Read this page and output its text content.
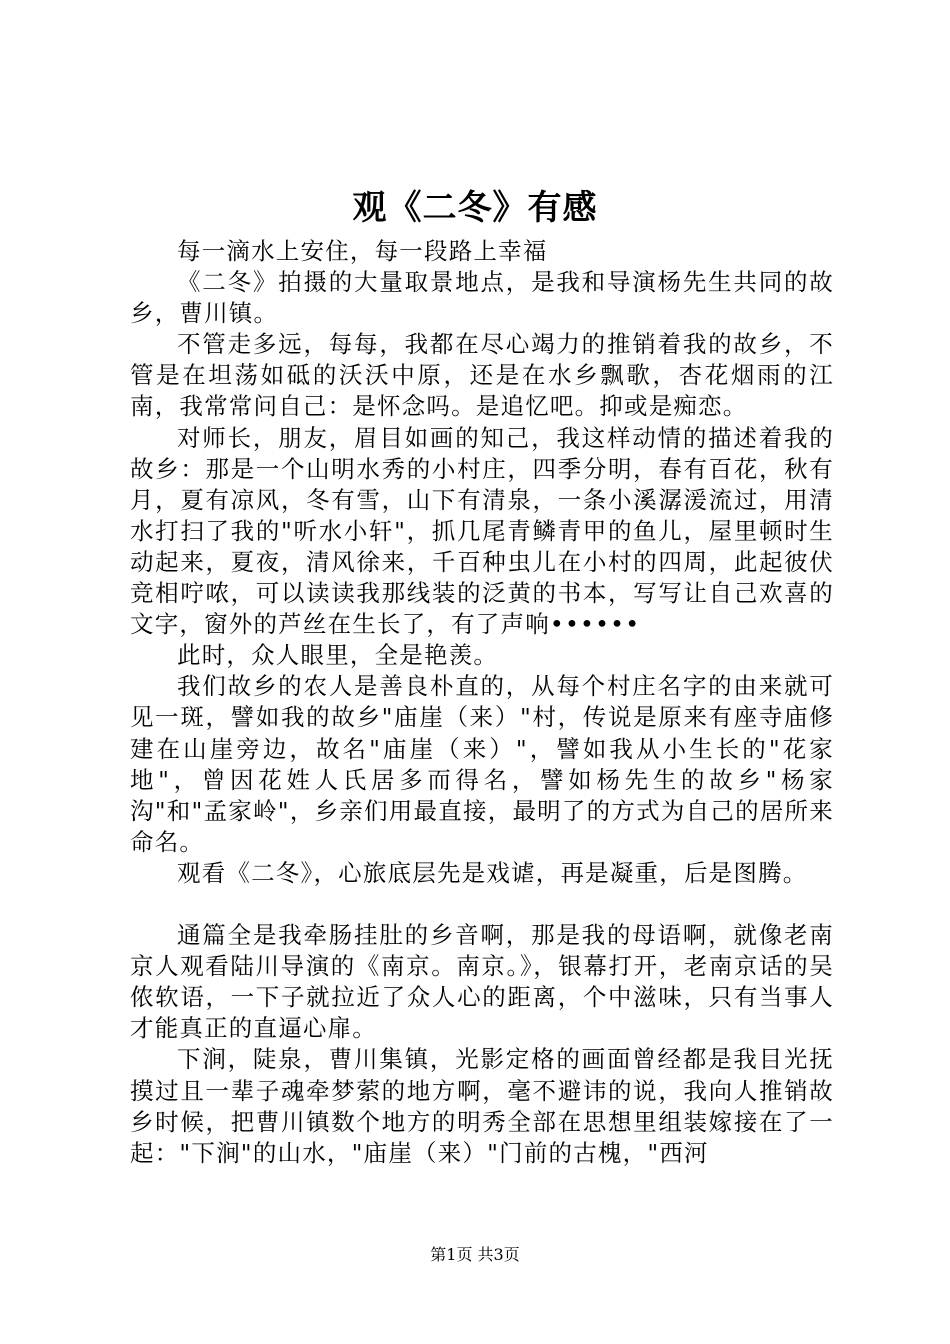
观《二冬》有感

每一滴水上安住，每一段路上幸福

《二冬》拍摄的大量取景地点，是我和导演杨先生共同的故乡，曹川镇。

不管走多远，每每，我都在尽心竭力的推销着我的故乡，不管是在坦荡如砥的沃沃中原，还是在水乡飘歌，杏花烟雨的江南，我常常问自己：是怀念吗。是追忆吧。抑或是痴恋。

对师长，朋友，眉目如画的知己，我这样动情的描述着我的故乡：那是一个山明水秀的小村庄，四季分明，春有百花，秋有月，夏有凉风，冬有雪，山下有清泉，一条小溪潺湲流过，用清水打扫了我的"听水小轩"，抓几尾青鳞青甲的鱼儿，屋里顿时生动起来，夏夜，清风徐来，千百种虫儿在小村的四周，此起彼伏竞相咛哝，可以读读我那线装的泛黄的书本，写写让自己欢喜的文字，窗外的芦丝在生长了，有了声响••••••

此时，众人眼里，全是艳羡。

我们故乡的农人是善良朴直的，从每个村庄名字的由来就可见一斑，譬如我的故乡"庙崖（来）"村，传说是原来有座寺庙修建在山崖旁边，故名"庙崖（来）"，譬如我从小生长的"花家地"，曾因花姓人氏居多而得名，譬如杨先生的故乡"杨家沟"和"孟家岭"，乡亲们用最直接，最明了的方式为自己的居所来命名。

观看《二冬》，心旅底层先是戏谑，再是凝重，后是图腾。

通篇全是我牵肠挂肚的乡音啊，那是我的母语啊，就像老南京人观看陆川导演的《南京。南京。》，银幕打开，老南京话的吴侬软语，一下子就拉近了众人心的距离，个中滋味，只有当事人才能真正的直逼心扉。

下涧，陡泉，曹川集镇，光影定格的画面曾经都是我目光抚摸过且一辈子魂牵梦萦的地方啊，毫不避讳的说，我向人推销故乡时候，把曹川镇数个地方的明秀全部在思想里组装嫁接在了一起："下涧"的山水，"庙崖（来）"门前的古槐，"西河

第1页 共3页
